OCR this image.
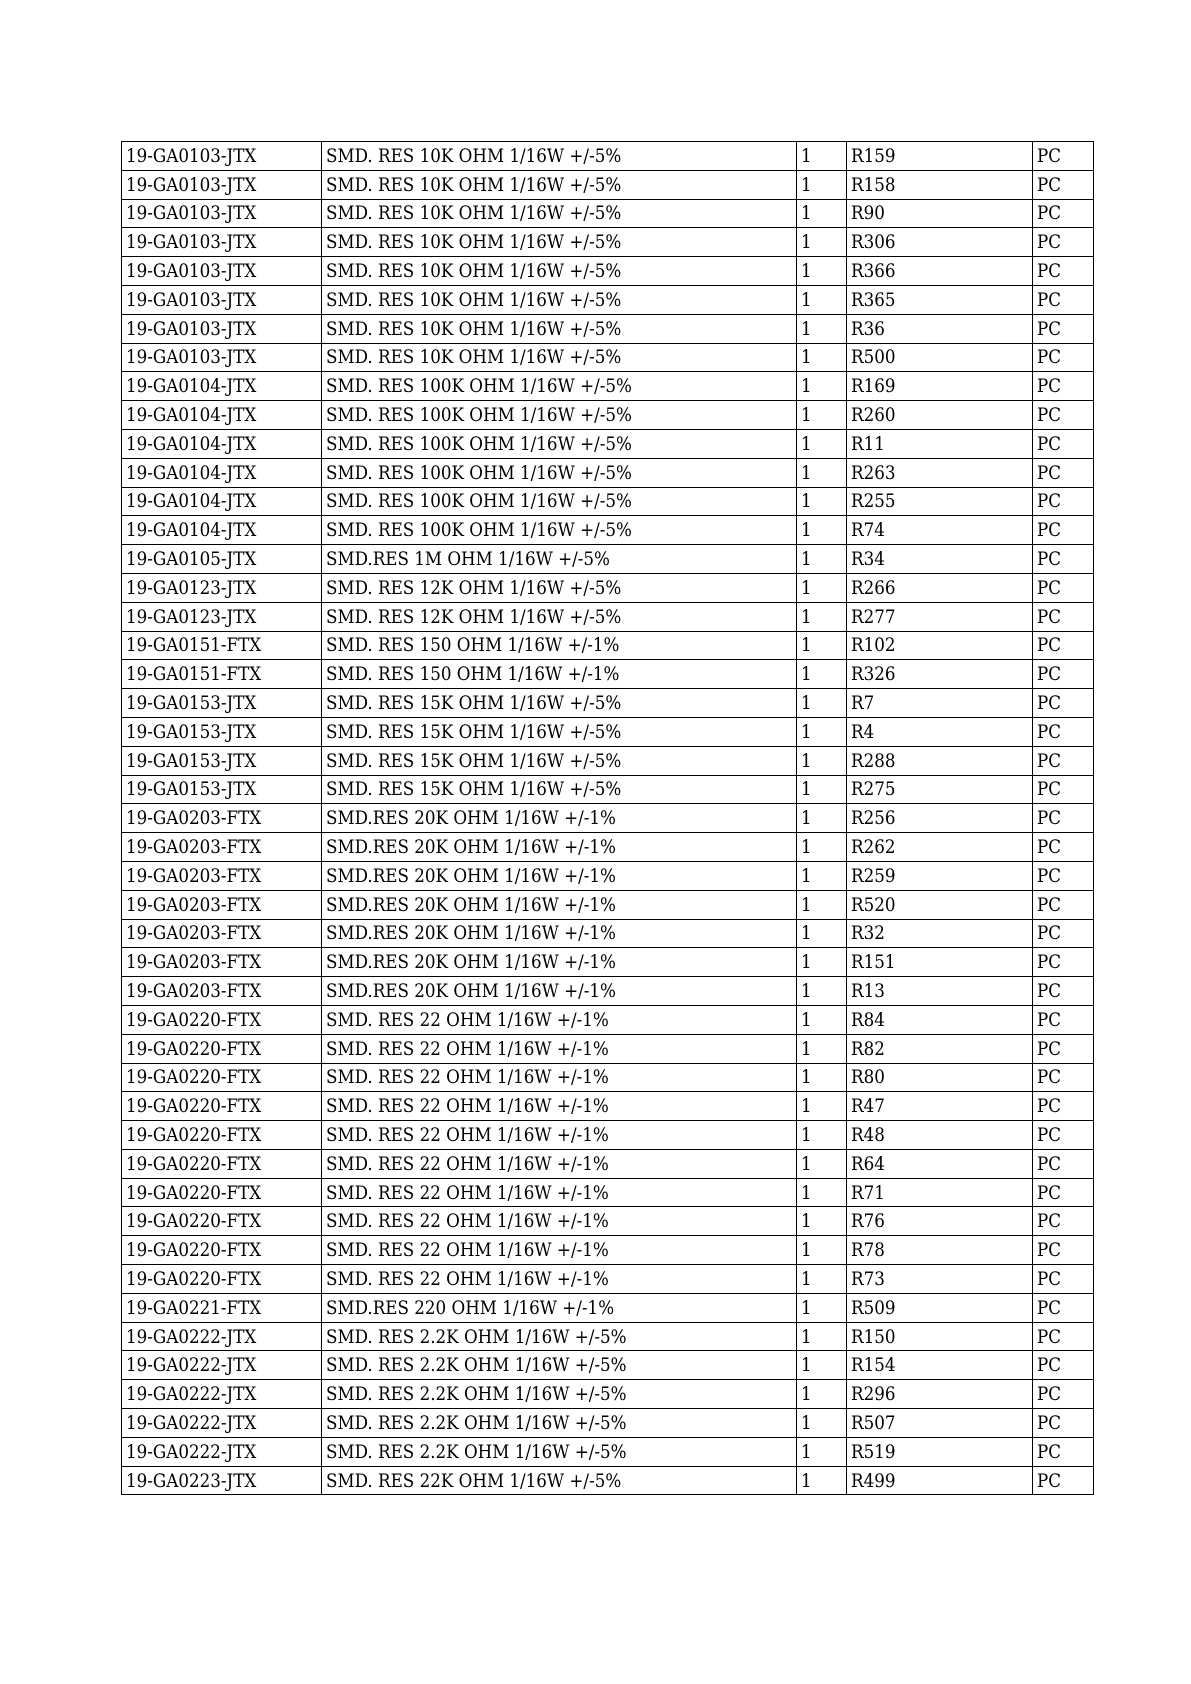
19-GA0103-JTX	SMD. RES 10K OHM 1/16W +/-5%	1	R159	PC
19-GA0103-JTX	SMD. RES 10K OHM 1/16W +/-5%	1	R158	PC
19-GA0103-JTX	SMD. RES 10K OHM 1/16W +/-5%	1	R90	PC
19-GA0103-JTX	SMD. RES 10K OHM 1/16W +/-5%	1	R306	PC
19-GA0103-JTX	SMD. RES 10K OHM 1/16W +/-5%	1	R366	PC
19-GA0103-JTX	SMD. RES 10K OHM 1/16W +/-5%	1	R365	PC
19-GA0103-JTX	SMD. RES 10K OHM 1/16W +/-5%	1	R36	PC
19-GA0103-JTX	SMD. RES 10K OHM 1/16W +/-5%	1	R500	PC
19-GA0104-JTX	SMD. RES 100K OHM 1/16W +/-5%	1	R169	PC
19-GA0104-JTX	SMD. RES 100K OHM 1/16W +/-5%	1	R260	PC
19-GA0104-JTX	SMD. RES 100K OHM 1/16W +/-5%	1	R11	PC
19-GA0104-JTX	SMD. RES 100K OHM 1/16W +/-5%	1	R263	PC
19-GA0104-JTX	SMD. RES 100K OHM 1/16W +/-5%	1	R255	PC
19-GA0104-JTX	SMD. RES 100K OHM 1/16W +/-5%	1	R74	PC
19-GA0105-JTX	SMD.RES 1M OHM 1/16W +/-5%	1	R34	PC
19-GA0123-JTX	SMD. RES 12K OHM 1/16W +/-5%	1	R266	PC
19-GA0123-JTX	SMD. RES 12K OHM 1/16W +/-5%	1	R277	PC
19-GA0151-FTX	SMD. RES 150 OHM 1/16W +/-1%	1	R102	PC
19-GA0151-FTX	SMD. RES 150 OHM 1/16W +/-1%	1	R326	PC
19-GA0153-JTX	SMD. RES 15K OHM 1/16W +/-5%	1	R7	PC
19-GA0153-JTX	SMD. RES 15K OHM 1/16W +/-5%	1	R4	PC
19-GA0153-JTX	SMD. RES 15K OHM 1/16W +/-5%	1	R288	PC
19-GA0153-JTX	SMD. RES 15K OHM 1/16W +/-5%	1	R275	PC
19-GA0203-FTX	SMD.RES 20K OHM 1/16W +/-1%	1	R256	PC
19-GA0203-FTX	SMD.RES 20K OHM 1/16W +/-1%	1	R262	PC
19-GA0203-FTX	SMD.RES 20K OHM 1/16W +/-1%	1	R259	PC
19-GA0203-FTX	SMD.RES 20K OHM 1/16W +/-1%	1	R520	PC
19-GA0203-FTX	SMD.RES 20K OHM 1/16W +/-1%	1	R32	PC
19-GA0203-FTX	SMD.RES 20K OHM 1/16W +/-1%	1	R151	PC
19-GA0203-FTX	SMD.RES 20K OHM 1/16W +/-1%	1	R13	PC
19-GA0220-FTX	SMD. RES 22 OHM 1/16W +/-1%	1	R84	PC
19-GA0220-FTX	SMD. RES 22 OHM 1/16W +/-1%	1	R82	PC
19-GA0220-FTX	SMD. RES 22 OHM 1/16W +/-1%	1	R80	PC
19-GA0220-FTX	SMD. RES 22 OHM 1/16W +/-1%	1	R47	PC
19-GA0220-FTX	SMD. RES 22 OHM 1/16W +/-1%	1	R48	PC
19-GA0220-FTX	SMD. RES 22 OHM 1/16W +/-1%	1	R64	PC
19-GA0220-FTX	SMD. RES 22 OHM 1/16W +/-1%	1	R71	PC
19-GA0220-FTX	SMD. RES 22 OHM 1/16W +/-1%	1	R76	PC
19-GA0220-FTX	SMD. RES 22 OHM 1/16W +/-1%	1	R78	PC
19-GA0220-FTX	SMD. RES 22 OHM 1/16W +/-1%	1	R73	PC
19-GA0221-FTX	SMD.RES 220 OHM 1/16W +/-1%	1	R509	PC
19-GA0222-JTX	SMD. RES 2.2K OHM 1/16W +/-5%	1	R150	PC
19-GA0222-JTX	SMD. RES 2.2K OHM 1/16W +/-5%	1	R154	PC
19-GA0222-JTX	SMD. RES 2.2K OHM 1/16W +/-5%	1	R296	PC
19-GA0222-JTX	SMD. RES 2.2K OHM 1/16W +/-5%	1	R507	PC
19-GA0222-JTX	SMD. RES 2.2K OHM 1/16W +/-5%	1	R519	PC
19-GA0223-JTX	SMD. RES 22K OHM 1/16W +/-5%	1	R499	PC
